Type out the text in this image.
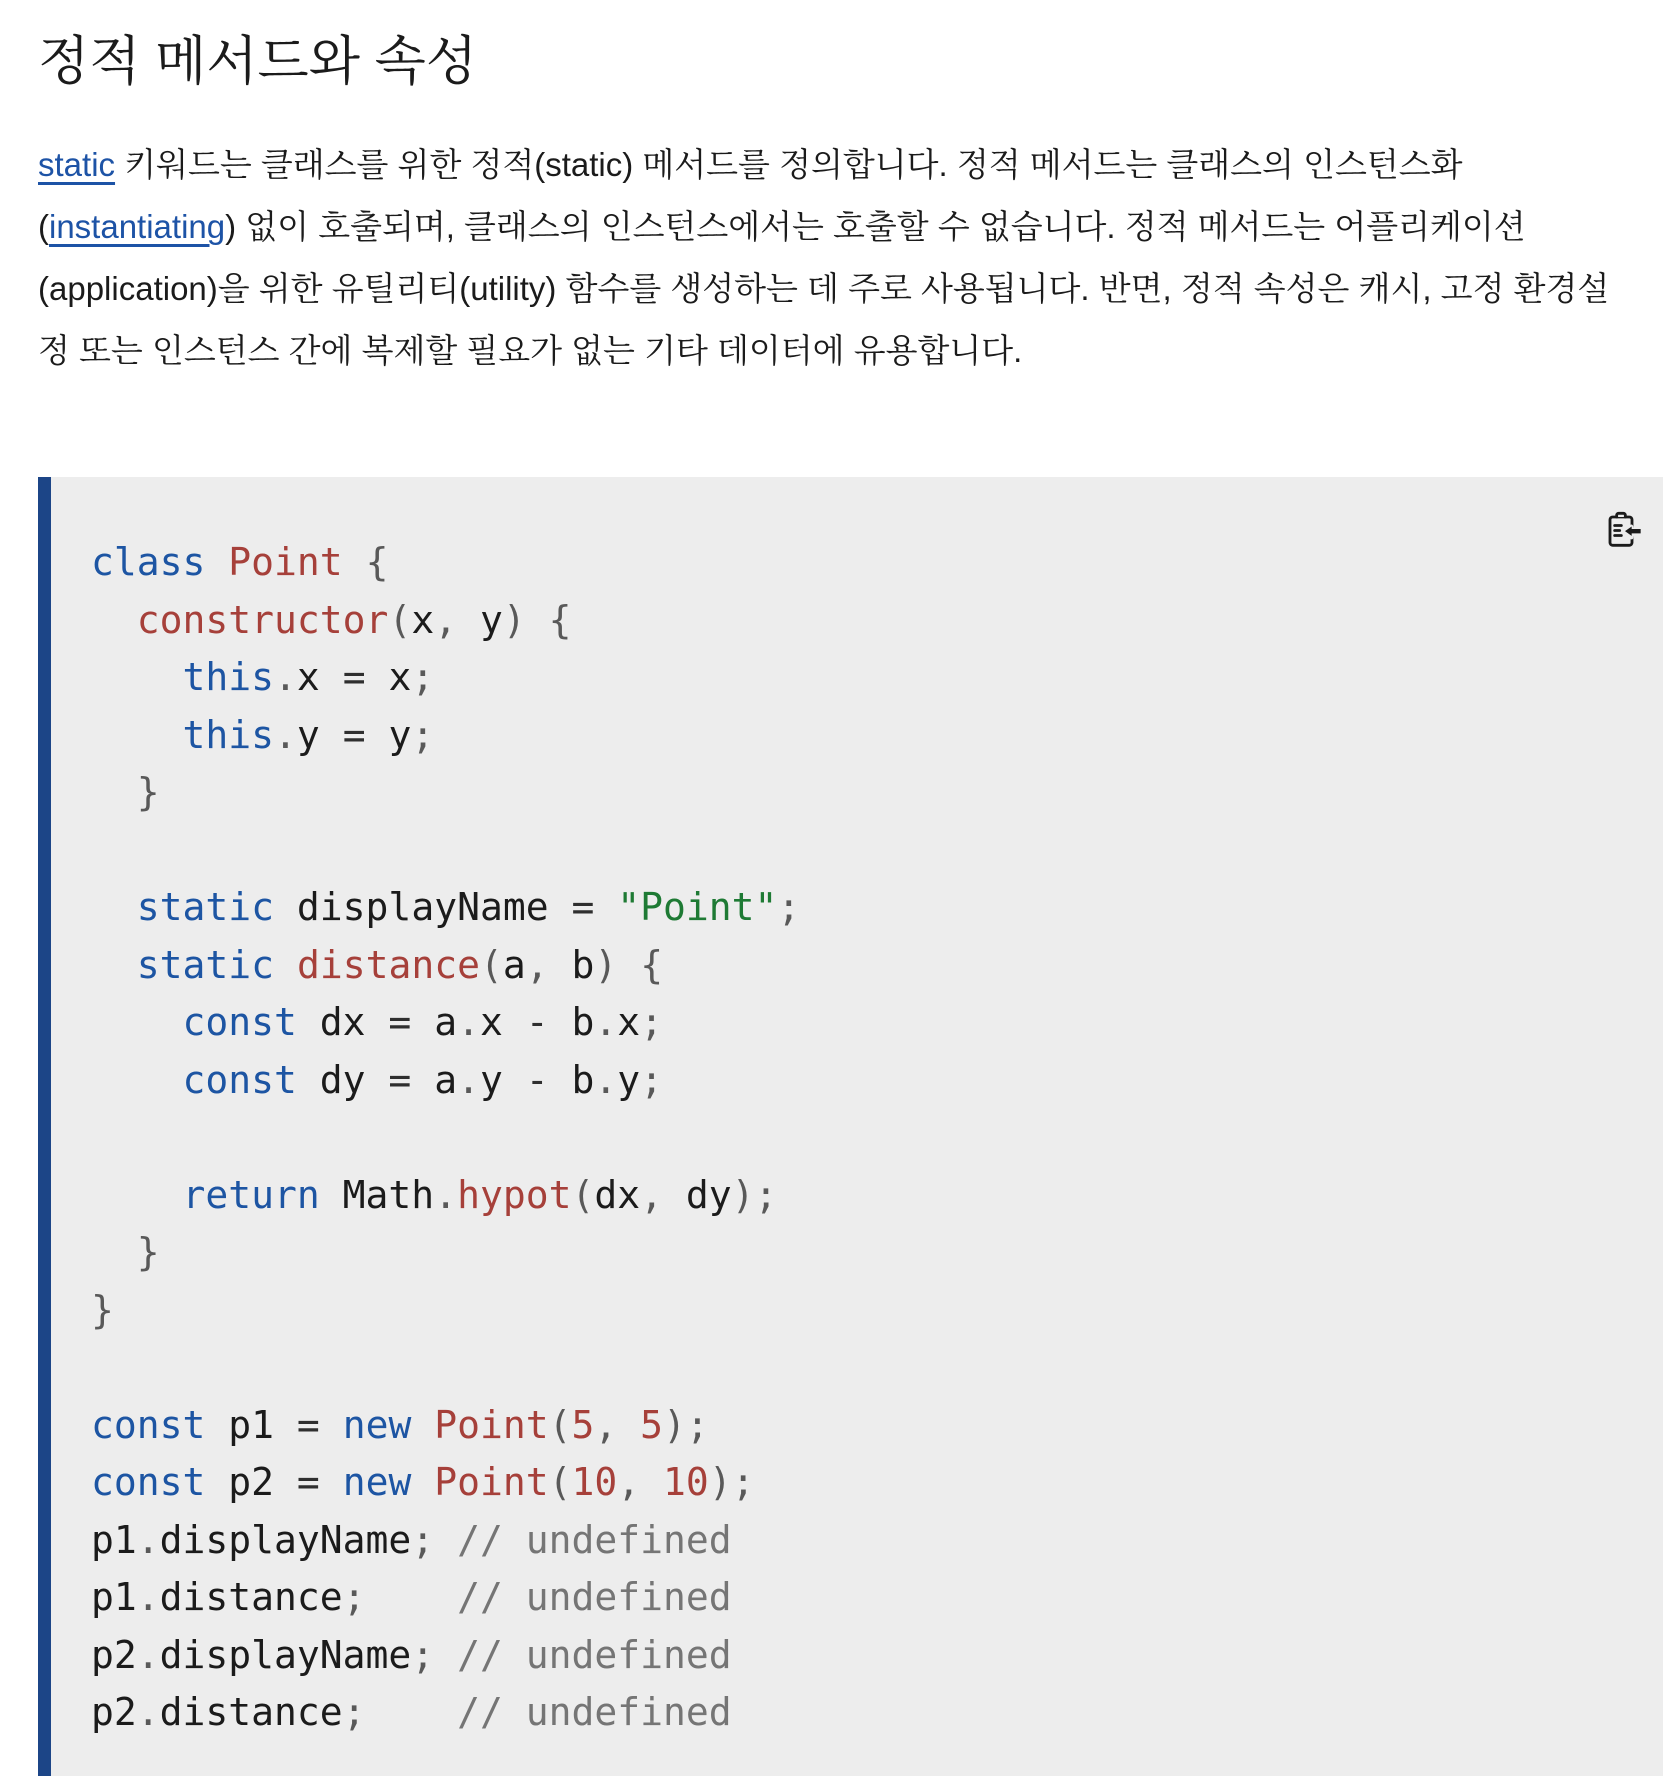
정적 메서드와 속성

static 키워드는 클래스를 위한 정적(static) 메서드를 정의합니다. 정적 메서드는 클래스의 인스턴스화 (instantiating) 없이 호출되며, 클래스의 인스턴스에서는 호출할 수 없습니다. 정적 메서드는 어플리케이션(application)을 위한 유틸리티(utility) 함수를 생성하는 데 주로 사용됩니다. 반면, 정적 속성은 캐시, 고정 환경설정 또는 인스턴스 간에 복제할 필요가 없는 기타 데이터에 유용합니다.

class Point {
constructor(x, y) {
this.x = x;
this.y = y;
}

static displayName = "Point";
static distance(a, b) {
const dx = a.x - b.x;
const dy = a.y - b.y;

return Math.hypot(dx, dy);
}
}

const p1 = new Point(5, 5);
const p2 = new Point(10, 10);
p1.displayName; // undefined
p1.distance; // undefined
p2.displayName; // undefined
p2.distance; // undefined
